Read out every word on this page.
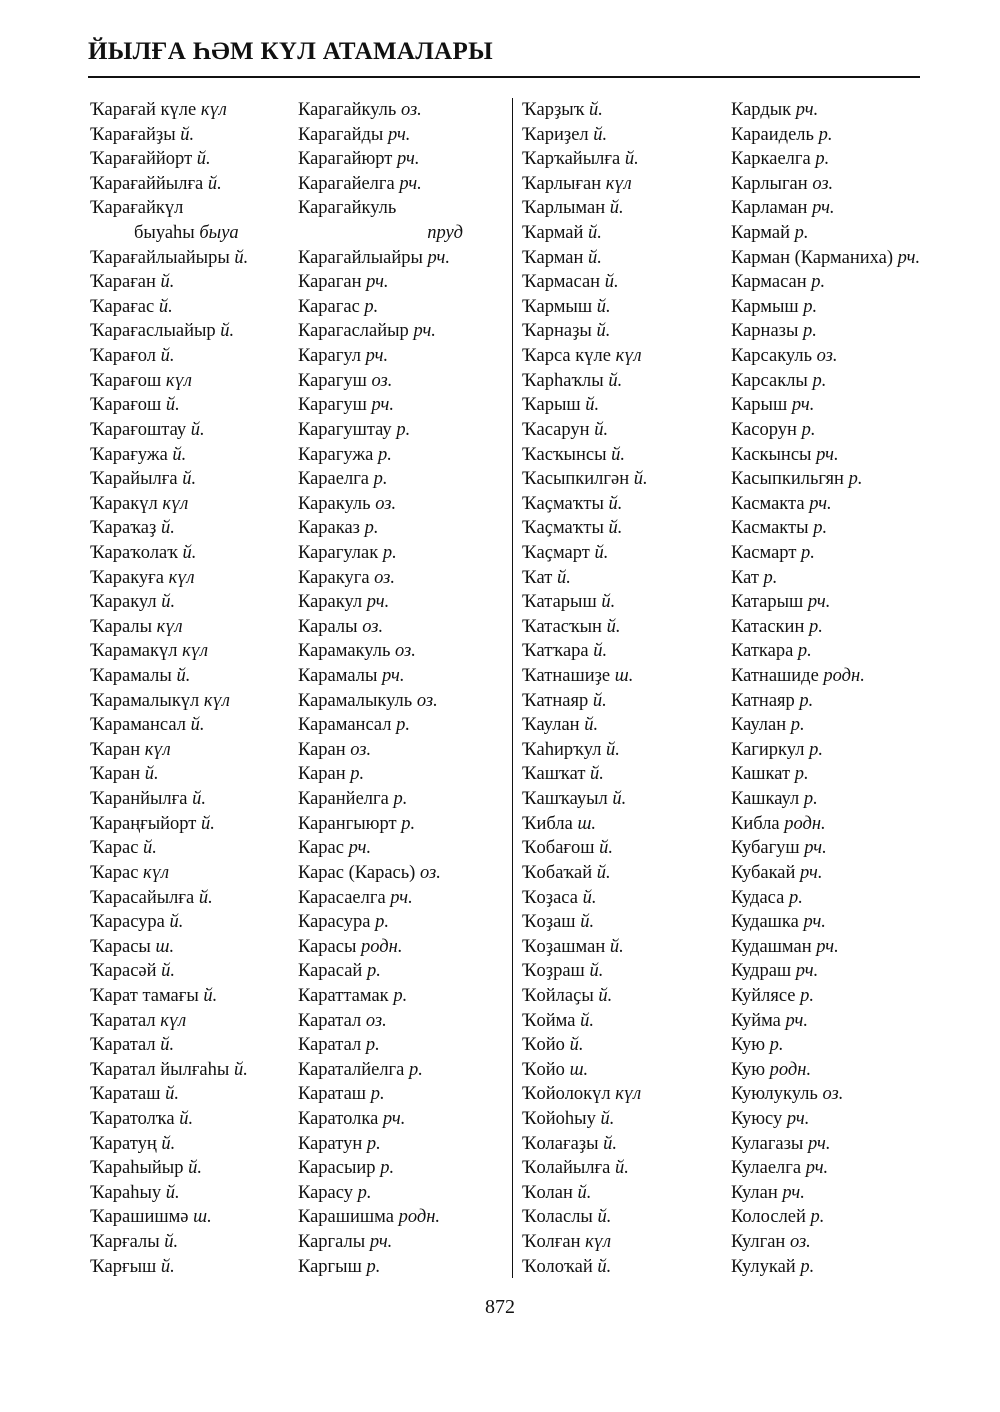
ЙЫЛҒА ҺӘМ КҮЛ АТАМАЛАРЫ
Ҡарағай күле күл
Ҡарағайҙы й.
Ҡарағаййорт й.
Ҡарағаййылға й.
Ҡарағайкүл
быуаһы быуа
Ҡарағайлыайыры й.
Ҡараған й.
Ҡарағас й.
Ҡарағаслыайыр й.
Ҡарағол й.
Ҡарағош күл
Ҡарағош й.
Ҡарағоштау й.
Ҡарағужа й.
Ҡарайылға й.
Ҡаракүл күл
Ҡараҡаҙ й.
Ҡараҡолаҡ й.
Ҡаракуға күл
Ҡаракул й.
Ҡаралы күл
Ҡарамакүл күл
Ҡарамалы й.
Ҡарамалыкүл күл
Ҡарамансал й.
Ҡаран күл
Ҡаран й.
Ҡаранйылға й.
Ҡараңғыйорт й.
Ҡарас й.
Ҡарас күл
Ҡарасайылға й.
Ҡарасура й.
Ҡарасы ш.
Ҡарасәй й.
Ҡарат тамағы й.
Ҡаратал күл
Ҡаратал й.
Ҡаратал йылғаһы й.
Ҡараташ й.
Ҡаратолҡа й.
Ҡаратуң й.
Ҡараһыйыр й.
Ҡараһыу й.
Ҡарашишмә ш.
Ҡарғалы й.
Ҡарғыш й.
Карагайкуль оз.
Карагайды рч.
Карагайюрт рч.
Карагайелга рч.
Карагайкуль
пруд
Карагайлыайры рч.
Караган рч.
Карагас р.
Карагаслайыр рч.
Карагул рч.
Карагуш оз.
Карагуш рч.
Карагуштау р.
Карагужа р.
Караелга р.
Каракуль оз.
Караказ р.
Карагулак р.
Каракуга оз.
Каракул рч.
Каралы оз.
Карамакуль оз.
Карамалы рч.
Карамалыкуль оз.
Карамансал р.
Каран оз.
Каран р.
Каранйелга р.
Карангыюрт р.
Карас рч.
Карас (Карась) оз.
Карасаелга рч.
Карасура р.
Карасы родн.
Карасай р.
Караттамак р.
Каратал оз.
Каратал р.
Караталйелга р.
Караташ р.
Каратолка рч.
Каратун р.
Карасыир р.
Карасу р.
Карашишма родн.
Каргалы рч.
Каргыш р.
Ҡарҙыҡ й.
Ҡариҙел й.
Ҡарҡайылға й.
Ҡарлыған күл
Ҡарлыман й.
Ҡармай й.
Ҡарман й.
Ҡармасан й.
Ҡармыш й.
Ҡарнаҙы й.
Ҡарса күле күл
Ҡарһаҡлы й.
Ҡарыш й.
Ҡасарун й.
Ҡасҡынсы й.
Ҡасыпкилгән й.
Ҡаҫмаҡты й.
Ҡаҫмаҡты й.
Ҡаҫмарт й.
Ҡат й.
Ҡатарыш й.
Ҡатасҡын й.
Ҡатҡара й.
Ҡатнашиҙе ш.
Ҡатнаяр й.
Ҡаулан й.
Ҡаһирҡул й.
Ҡашҡат й.
Ҡашҡауыл й.
Ҡибла ш.
Ҡобағош й.
Ҡобаҡай й.
Ҡоҙаса й.
Ҡоҙаш й.
Ҡоҙашман й.
Ҡоҙраш й.
Ҡойлаҫы й.
Ҡойма й.
Ҡойо й.
Ҡойо ш.
Ҡойолокүл күл
Ҡойоһыу й.
Ҡолағаҙы й.
Ҡолайылға й.
Ҡолан й.
Ҡоласлы й.
Ҡолған күл
Ҡолоҡай й.
Кардык рч.
Караидель р.
Каркаелга р.
Карлыган оз.
Карламан рч.
Кармай р.
Карман (Карманиха) рч.
Кармасан р.
Кармыш р.
Карназы р.
Карсакуль оз.
Карсаклы р.
Карыш рч.
Касорун р.
Каскынсы рч.
Касыпкильгян р.
Касмакта рч.
Касмакты р.
Касмарт р.
Кат р.
Катарыш рч.
Катаскин р.
Каткара р.
Катнашиде родн.
Катнаяр р.
Каулан р.
Кагиркул р.
Кашкат р.
Кашкаул р.
Кибла родн.
Кубагуш рч.
Кубакай рч.
Кудаса р.
Кудашка рч.
Кудашман рч.
Кудраш рч.
Куйлясе р.
Куйма рч.
Кую р.
Кую родн.
Куюлукуль оз.
Куюсу рч.
Кулагазы рч.
Кулаелга рч.
Кулан рч.
Колослей р.
Кулган оз.
Кулукай р.
872
